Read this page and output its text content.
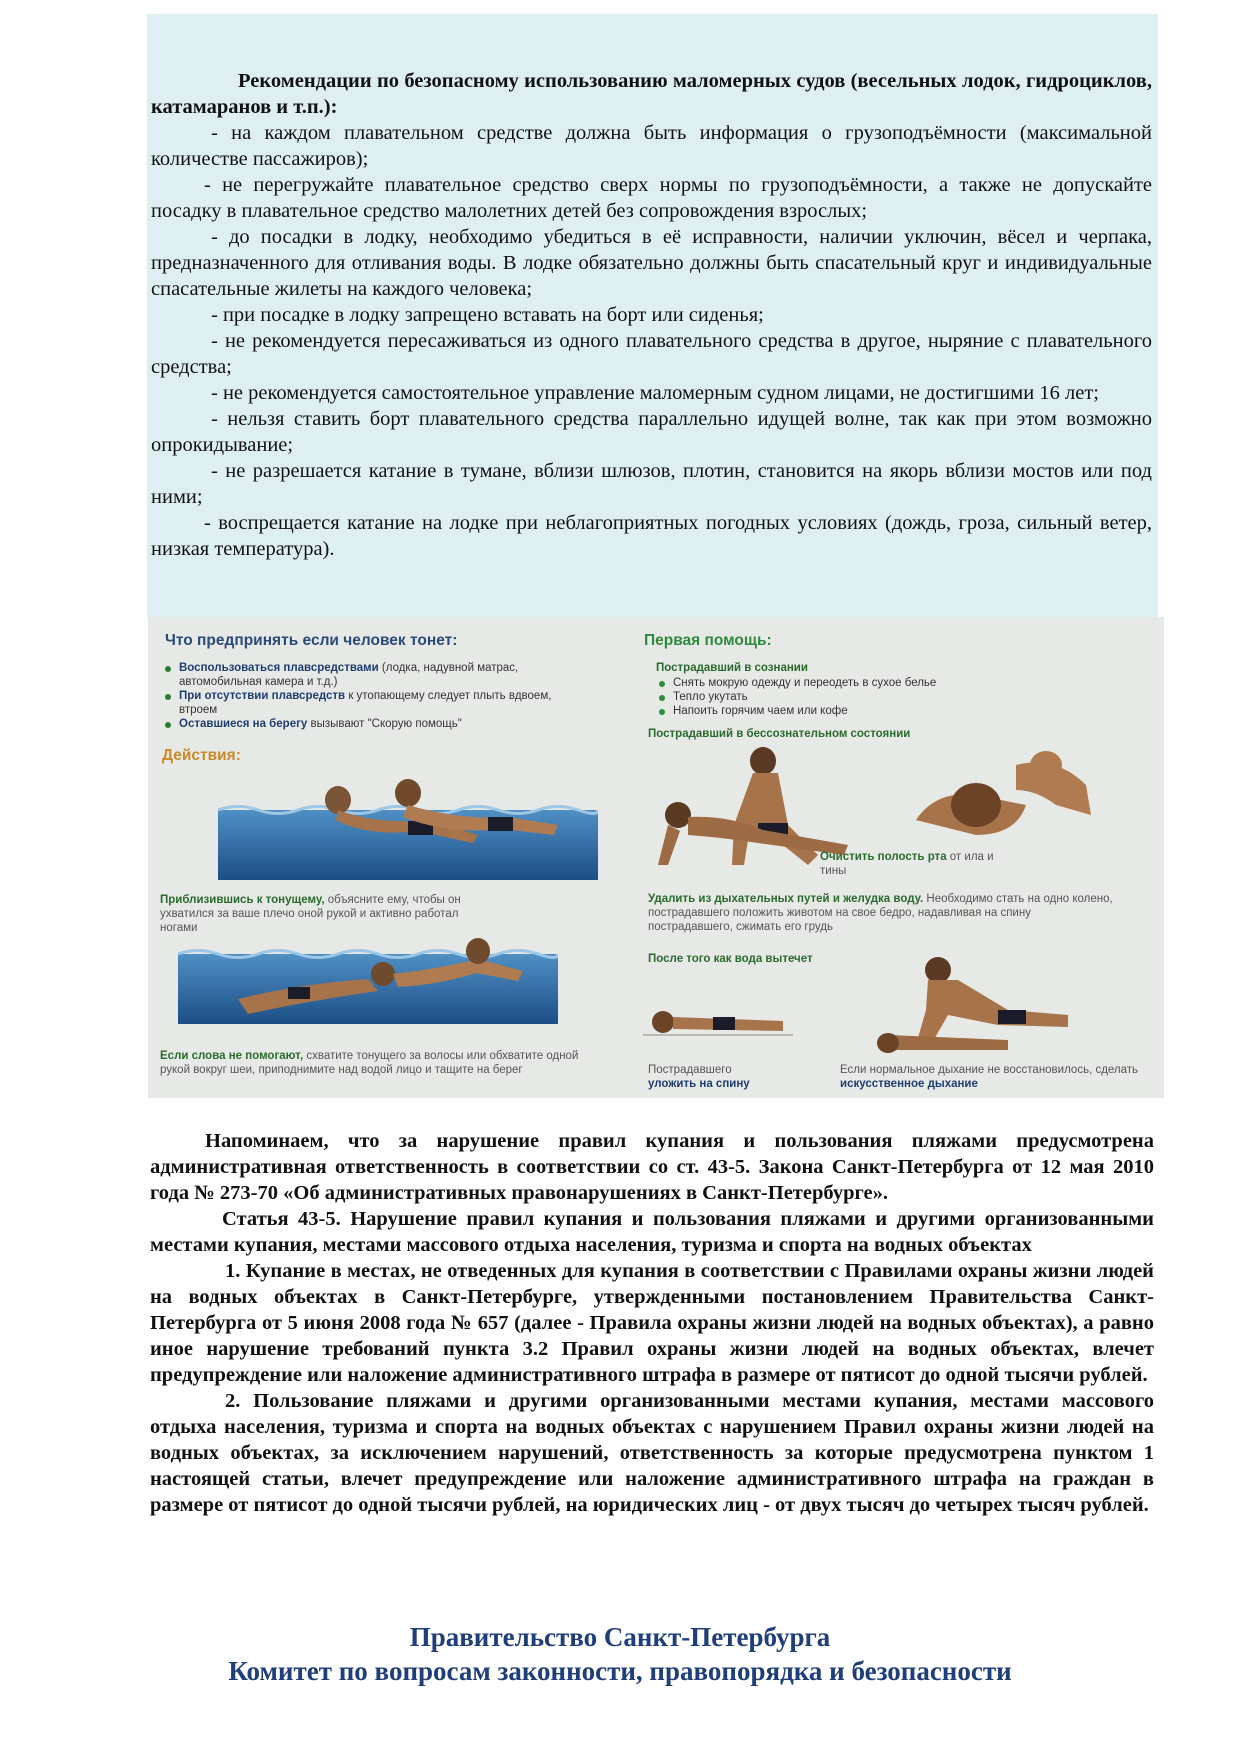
Рекомендации по безопасному использованию маломерных судов (весельных лодок, гидроциклов, катамаранов и т.п.):

- на каждом плавательном средстве должна быть информация о грузоподъёмности (максимальной количестве пассажиров);

- не перегружайте плавательное средство сверх нормы по грузоподъёмности, а также не допускайте посадку в плавательное средство малолетних детей без сопровождения взрослых;

- до посадки в лодку, необходимо убедиться в её исправности, наличии уключин, вёсел и черпака, предназначенного для отливания воды. В лодке обязательно должны быть спасательный круг и индивидуальные спасательные жилеты на каждого человека;

- при посадке в лодку запрещено вставать на борт или сиденья;

- не рекомендуется пересаживаться из одного плавательного средства в другое, ныряние с плавательного средства;

- не рекомендуется самостоятельное управление маломерным судном лицами, не достигшими 16 лет;

- нельзя ставить борт плавательного средства параллельно идущей волне, так как при этом возможно опрокидывание;

- не разрешается катание в тумане, вблизи шлюзов, плотин, становится на якорь вблизи мостов или под ними;

- воспрещается катание на лодке при неблагоприятных погодных условиях (дождь, гроза, сильный ветер, низкая температура).

Что предпринять если человек тонет:
Воспользоваться плавсредствами (лодка, надувной матрас, автомобильная камера и т.д.)
При отсутствии плавсредств к утопающему следует плыть вдвоем, втроем
Оставшиеся на берегу вызывают "Скорую помощь"
Действия:
Приблизившись к тонущему, объясните ему, чтобы он ухватился за ваше плечо оной рукой и активно работал ногами
Если слова не помогают, схватите тонущего за волосы или обхватите одной рукой вокруг шеи, приподнимите над водой лицо и тащите на берег
Первая помощь:
Пострадавший в сознании
Снять мокрую одежду и переодеть в сухое белье
Тепло укутать
Напоить горячим чаем или кофе
Пострадавший в бессознательном состоянии
Очистить полость рта от ила и тины
Удалить из дыхательных путей и желудка воду. Необходимо стать на одно колено, пострадавшего положить животом на свое бедро, надавливая на спину пострадавшего, сжимать его грудь
После того как вода вытечет
Пострадавшего
уложить на спину
Если нормальное дыхание не восстановилось, сделать искусственное дыхание

Напоминаем, что за нарушение правил купания и пользования пляжами предусмотрена административная ответственность в соответствии со ст. 43-5. Закона Санкт-Петербурга от 12 мая 2010 года № 273-70 «Об административных правонарушениях в Санкт-Петербурге».

Статья 43-5. Нарушение правил купания и пользования пляжами и другими организованными местами купания, местами массового отдыха населения, туризма и спорта на водных объектах

1. Купание в местах, не отведенных для купания в соответствии с Правилами охраны жизни людей на водных объектах в Санкт-Петербурге, утвержденными постановлением Правительства Санкт-Петербурга от 5 июня 2008 года № 657 (далее - Правила охраны жизни людей на водных объектах), а равно иное нарушение требований пункта 3.2 Правил охраны жизни людей на водных объектах, влечет предупреждение или наложение административного штрафа в размере от пятисот до одной тысячи рублей.

2. Пользование пляжами и другими организованными местами купания, местами массового отдыха населения, туризма и спорта на водных объектах с нарушением Правил охраны жизни людей на водных объектах, за исключением нарушений, ответственность за которые предусмотрена пунктом 1 настоящей статьи, влечет предупреждение или наложение административного штрафа на граждан в размере от пятисот до одной тысячи рублей, на юридических лиц - от двух тысяч до четырех тысяч рублей.

Правительство Санкт-Петербурга
Комитет по вопросам законности, правопорядка и безопасности
